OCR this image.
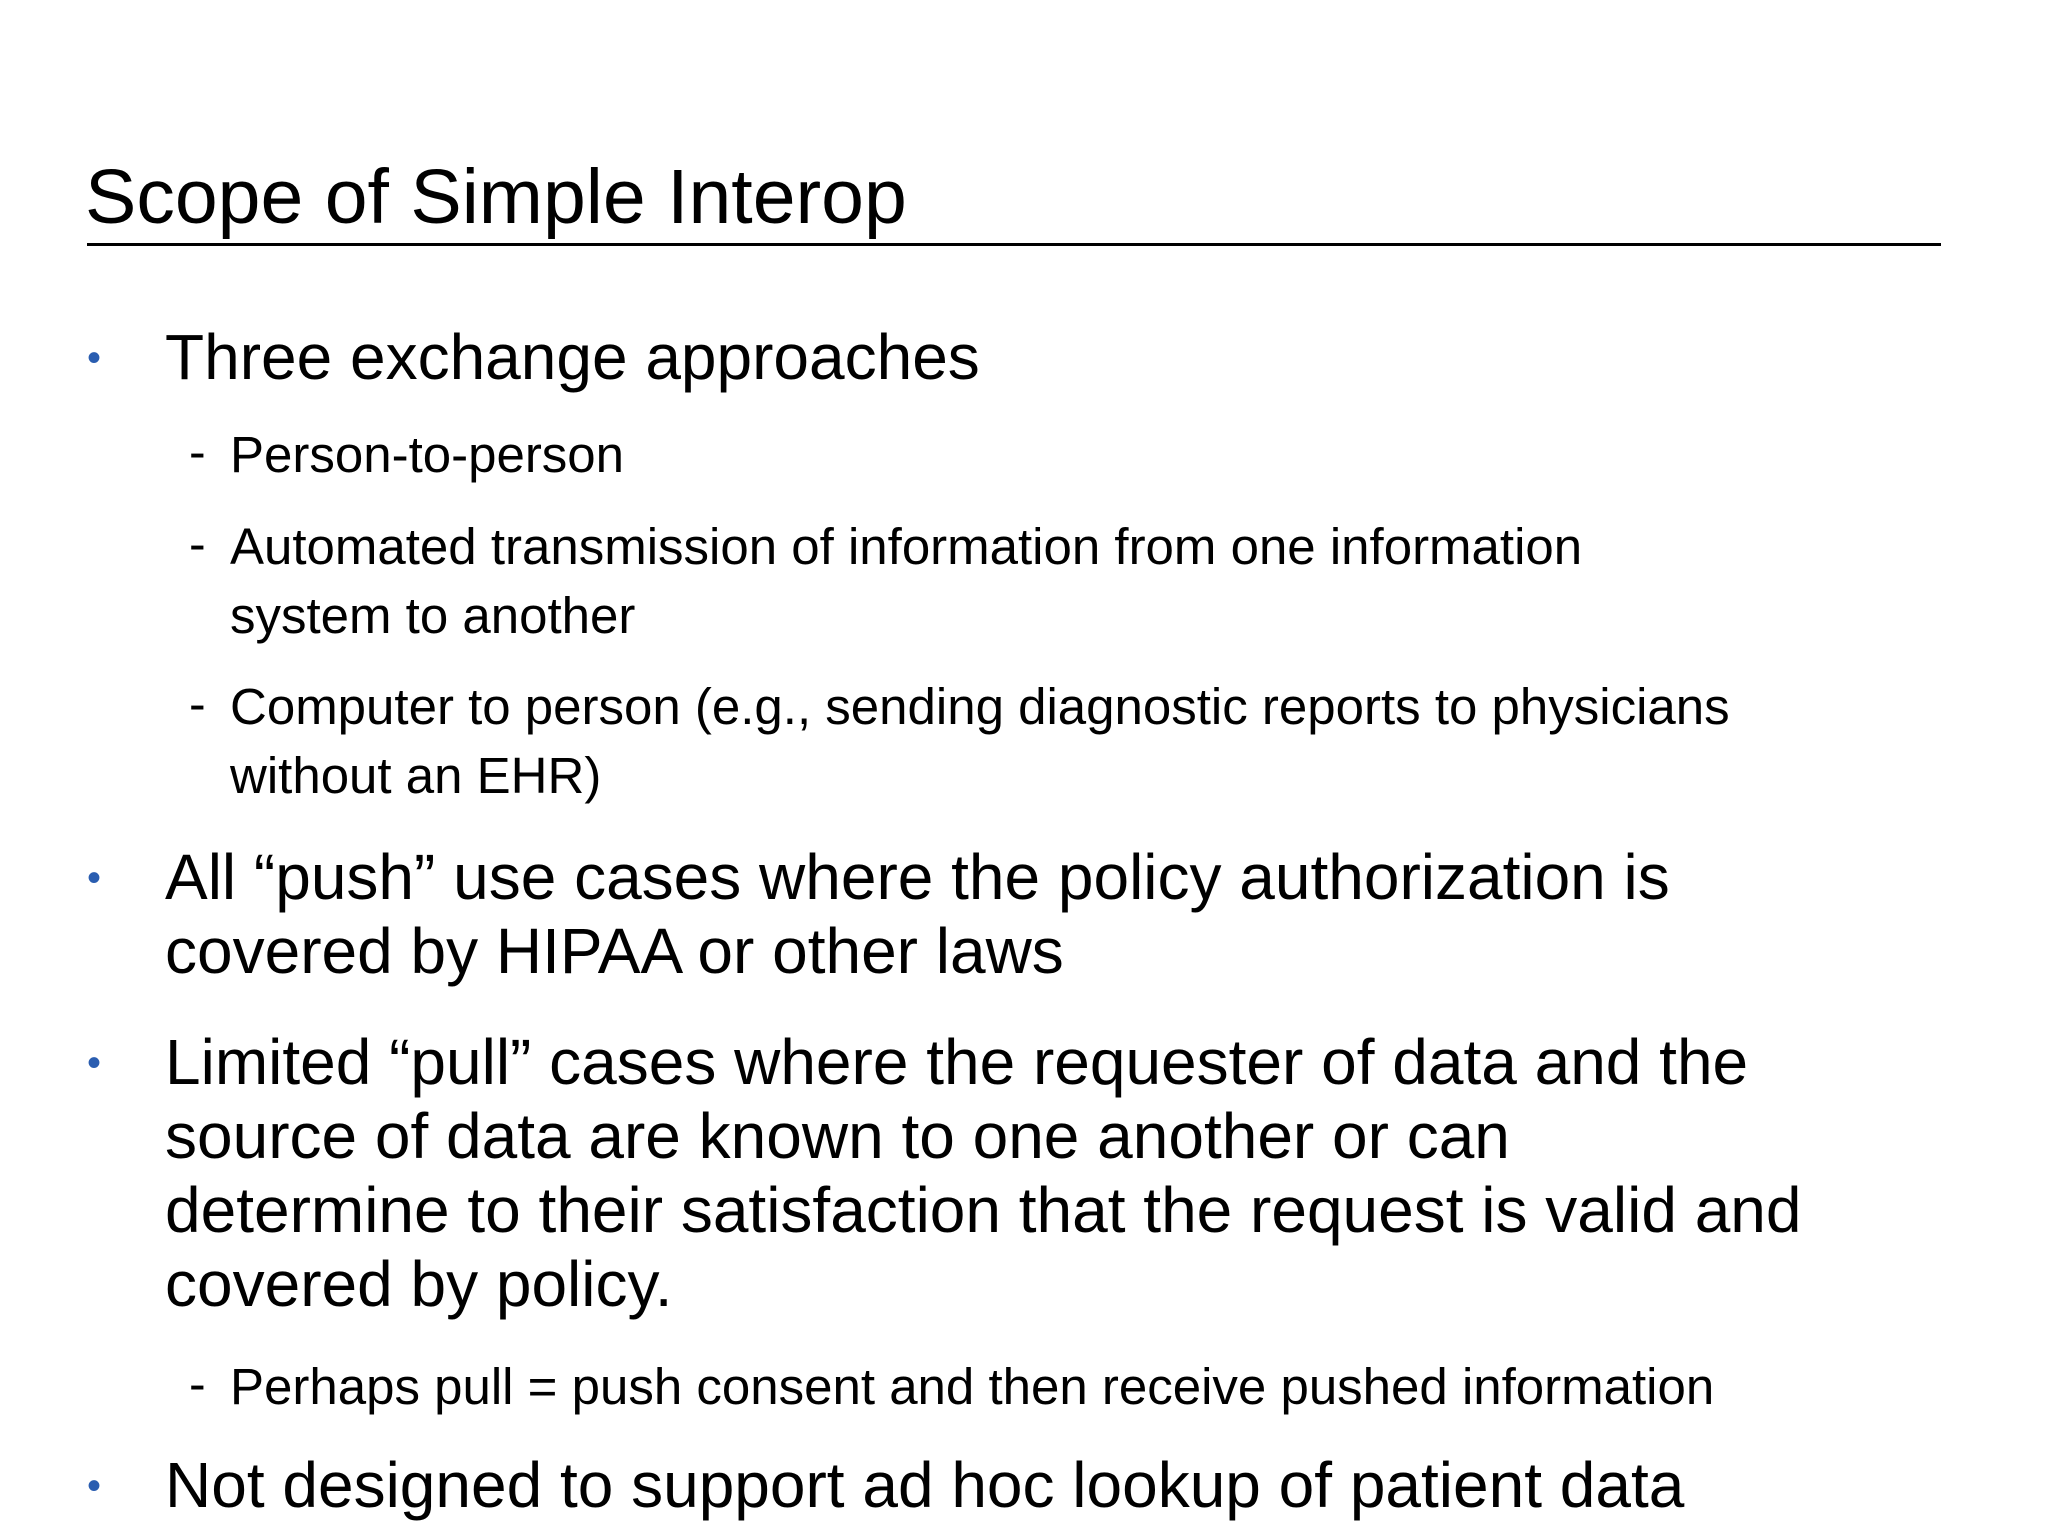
Scope of Simple Interop
• Three exchange approaches
- Person-to-person
- Automated transmission of information from one information
system to another
- Computer to person (e.g., sending diagnostic reports to physicians
without an EHR)
• All “push” use cases where the policy authorization is
covered by HIPAA or other laws
• Limited “pull” cases where the requester of data and the
source of data are known to one another or can
determine to their satisfaction that the request is valid and
covered by policy.
- Perhaps pull = push consent and then receive pushed information
• Not designed to support ad hoc lookup of patient data
